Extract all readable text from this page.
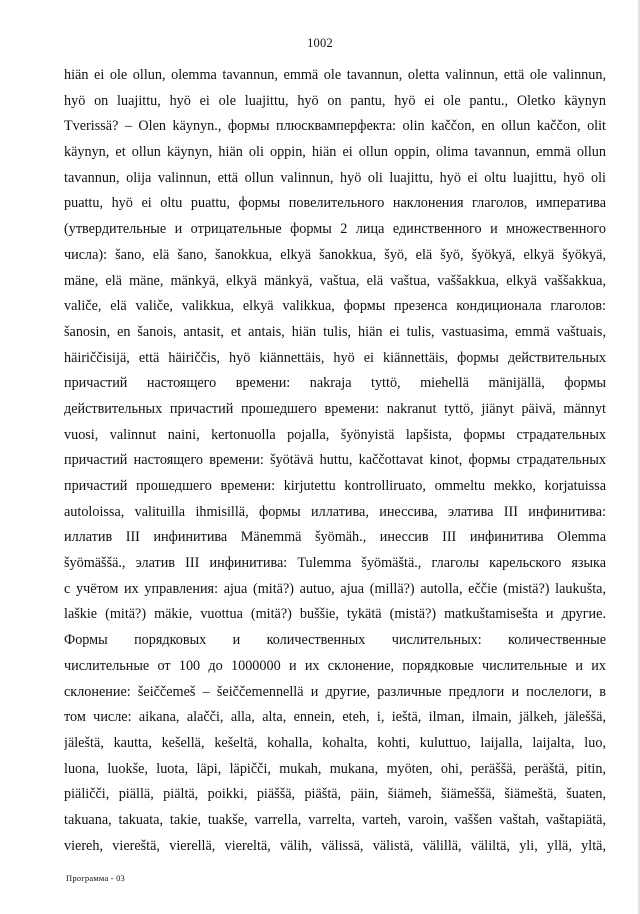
1002
hiän ei ole ollun, olemma tavannun, emmä ole tavannun, oletta valinnun, että ole valinnun,
hyö on luajittu, hyö ei ole luajittu, hyö on pantu, hyö ei ole pantu., Oletko käynyn
Tverissä? – Olen käynyn., формы плюсквамперфекта: olin kaččon, en ollun kaččon, olit
käynyn, et ollun käynyn, hiän oli oppin, hiän ei ollun oppin, olima tavannun, emmä ollun
tavannun, olija valinnun, että ollun valinnun, hyö oli luajittu, hyö ei oltu luajittu, hyö oli
puattu, hyö ei oltu puattu, формы повелительного наклонения глаголов, императива
(утвердительные и отрицательные формы 2 лица единственного и множественного
числа): šano, elä šano, šanokkua, elkyä šanokkua, šyö, elä šyö, šyökyä, elkyä šyökyä,
mäne, elä mäne, mänkyä, elkyä mänkyä, vaštua, elä vaštua, vaššakkua, elkyä vaššakkua,
valiče, elä valiče, valikkua, elkyä valikkua, формы презенса кондиционала глаголов:
šanosin, en šanois, antasit, et antais, hiän tulis, hiän ei tulis, vastuasima, emmä vaštuais,
häiriččisijä, että häiriččis, hyö kiännettäis, hyö ei kiännettäis, формы действительных
причастий настоящего времени: nakraja tyttö, miehellä mänijällä, формы
действительных причастий прошедшего времени: nakranut tyttö, jiänyt päivä, männyt
vuosi, valinnut naini, kertonuolla pojalla, šyönyistä lapšista, формы страдательных
причастий настоящего времени: šyötävä huttu, kaččottavat kinot, формы страдательных
причастий прошедшего времени: kirjutettu kontrolliruato, ommeltu mekko, korjatuissa
autoloissa, valituilla ihmisillä, формы иллатива, инессива, элатива III инфинитива:
иллатив III инфинитива Mänemmä šyömäh., инессив III инфинитива Olemma
šyömäššä., элатив III инфинитива: Tulemma šyömäštä., глаголы карельского языка
с учётом их управления: ajua (mitä?) autuo, ajua (millä?) autolla, eččie (mistä?) laukušta,
laškie (mitä?) mäkie, vuottua (mitä?) buššie, tykätä (mistä?) matkuštamisešta и другие.
Формы порядковых и количественных числительных: количественные
числительные от 100 до 1000000 и их склонение, порядковые числительные и их
склонение: šeiččemeš – šeiččemennellä и другие, различные предлоги и послелоги, в
том числе: aikana, alačči, alla, alta, ennein, eteh, i, ieštä, ilman, ilmain, jälkeh, jäleššä,
jäleštä, kautta, kešellä, kešeltä, kohalla, kohalta, kohti, kuluttuo, laijalla, laijalta, luo,
luona, luokše, luota, läpi, läpičči, mukah, mukana, myöten, ohi, peräššä, peräštä, pitin,
piäličči, piällä, piältä, poikki, piäššä, piäštä, päin, šiämeh, šiämeššä, šiämeštä, šuaten,
takuana, takuata, takie, tuakše, varrella, varrelta, varteh, varoin, vaššen vaštah, vaštapiätä,
viereh, viereštä, vierellä, viereltä, välih, välissä, välistä, välillä, väliltä, yli, yllä, yltä,
Программа - 03
